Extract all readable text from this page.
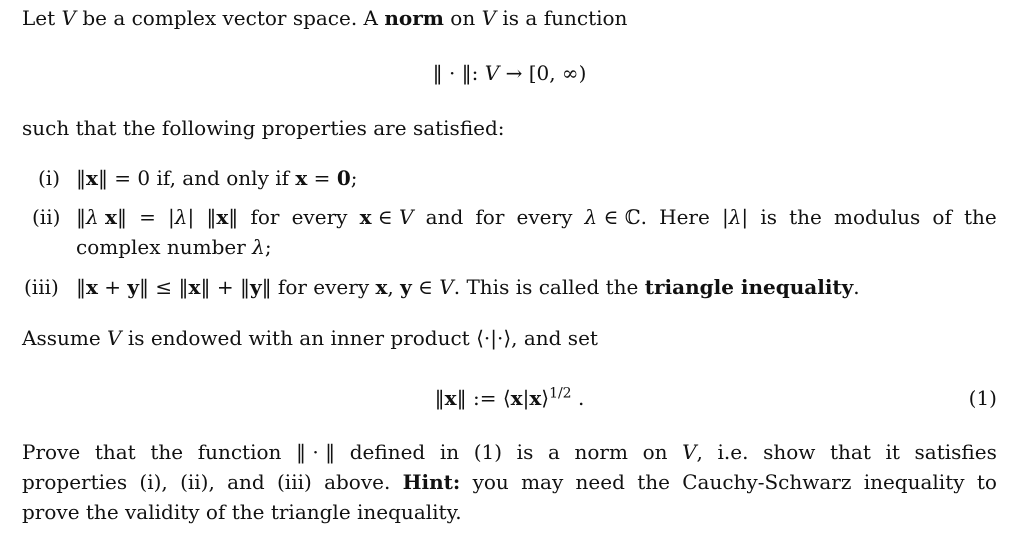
Let V be a complex vector space. A norm on V is a function
‖ · ‖: V → [0, ∞)
such that the following properties are satisfied:
(i) ‖x‖ = 0 if, and only if x = 0;
(ii) ‖λ x‖ = |λ| ‖x‖ for every x ∈ V and for every λ ∈ ℂ. Here |λ| is the modulus of the
complex number λ;
(iii) ‖x + y‖ ≤ ‖x‖ + ‖y‖ for every x, y ∈ V. This is called the triangle inequality.
Assume V is endowed with an inner product ⟨·|·⟩, and set
‖x‖ := ⟨x|x⟩$^{1/2}$ .	(1)
Prove that the function ‖ · ‖ defined in (1) is a norm on V, i.e. show that it satisfies
properties (i), (ii), and (iii) above. Hint: you may need the Cauchy-Schwarz inequality to
prove the validity of the triangle inequality.
